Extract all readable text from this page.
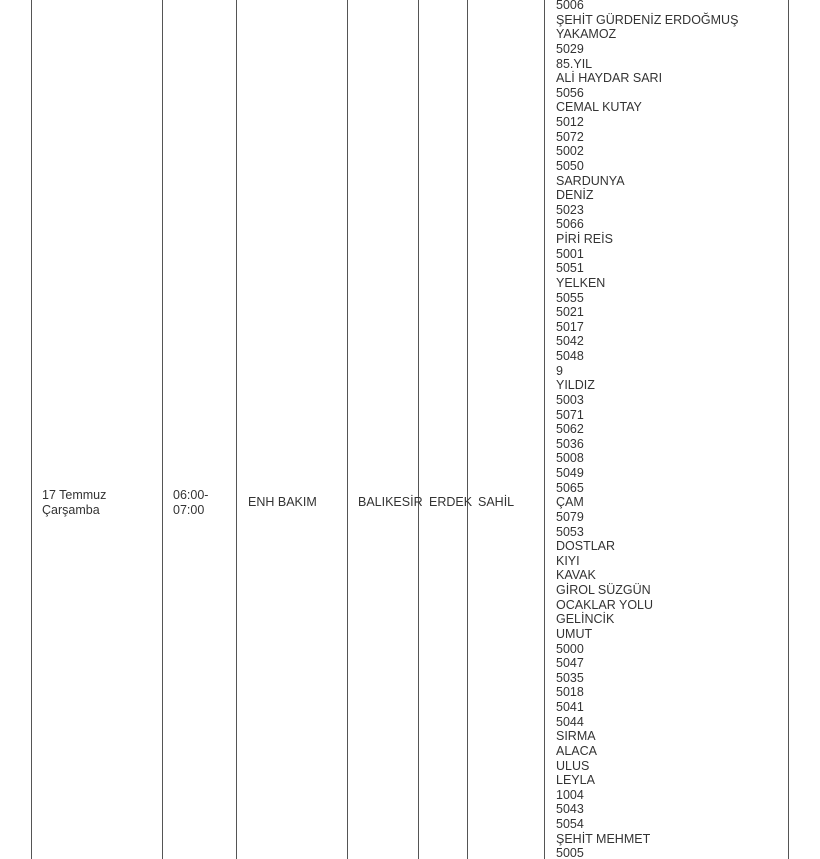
17 Temmuz
Çarşamba
06:00-
07:00
ENH BAKIM	BALIKESİR ERDEK SAHİL
5006
ŞEHİT GÜRDENİZ ERDOĞMUŞ
YAKAMOZ
5029
85.YIL
ALİ HAYDAR SARI
5056
CEMAL KUTAY
5012
5072
5002
5050
SARDUNYA
DENİZ
5023
5066
PİRİ REİS
5001
5051
YELKEN
5055
5021
5017
5042
5048
9
YILDIZ
5003
5071
5062
5036
5008
5049
5065
ÇAM
5079
5053
DOSTLAR
KIYI
KAVAK
GİROL SÜZGÜN
OCAKLAR YOLU
GELİNCİK
UMUT
5000
5047
5035
5018
5041
5044
SIRMA
ALACA
ULUS
LEYLA
1004
5043
5054
ŞEHİT MEHMET
5005
